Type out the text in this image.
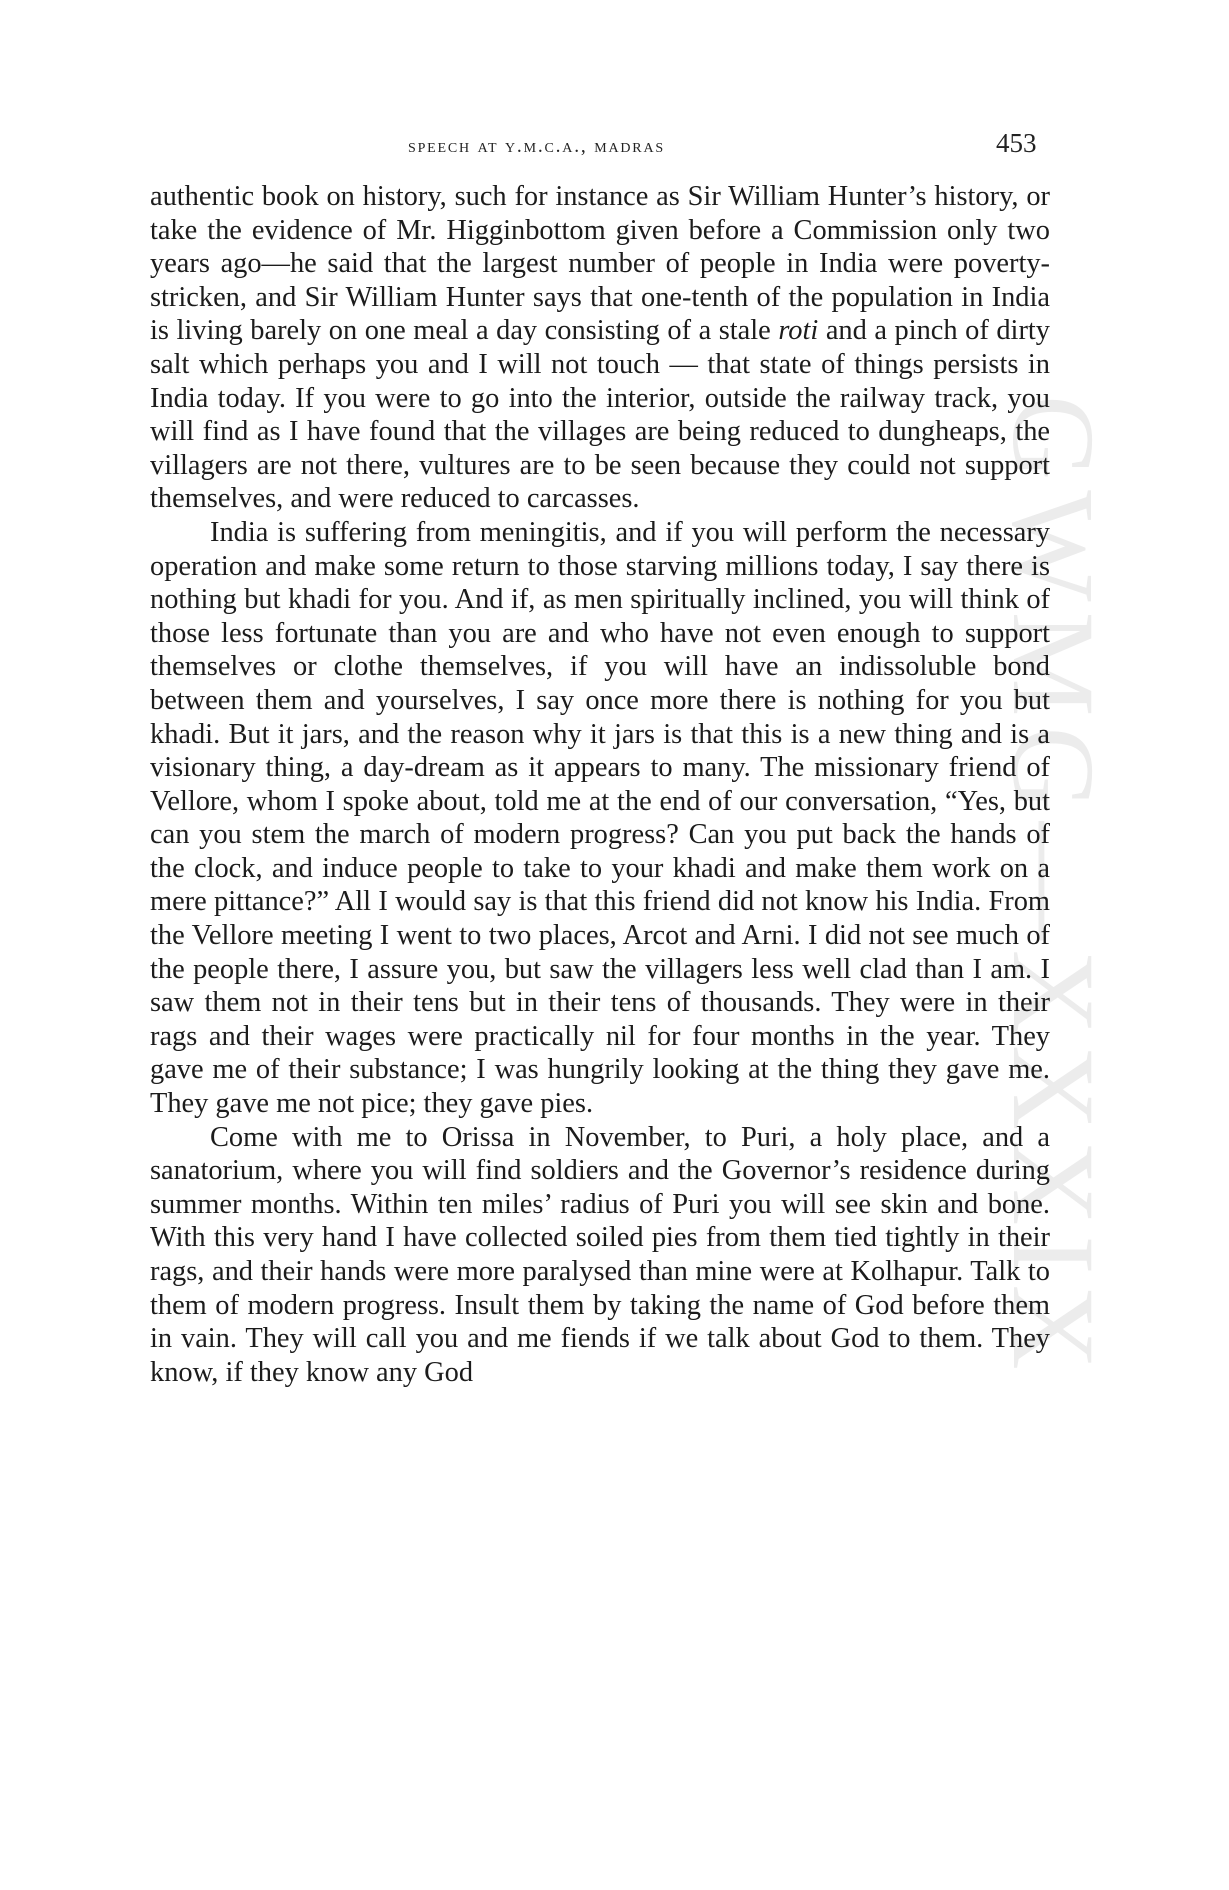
GWMG—XXXIX
speech at y.m.c.a., madras	453

authentic book on history, such for instance as Sir William Hunter’s history, or take the evidence of Mr. Higginbottom given before a Commission only two years ago—he said that the largest number of people in India were poverty-stricken, and Sir William Hunter says that one-tenth of the population in India is living barely on one meal a day consisting of a stale roti and a pinch of dirty salt which perhaps you and I will not touch — that state of things persists in India today. If you were to go into the interior, outside the railway track, you will find as I have found that the villages are being reduced to dungheaps, the villagers are not there, vultures are to be seen because they could not support themselves, and were reduced to carcasses.

India is suffering from meningitis, and if you will perform the necessary operation and make some return to those starving millions today, I say there is nothing but khadi for you. And if, as men spiritually inclined, you will think of those less fortunate than you are and who have not even enough to support themselves or clothe themselves, if you will have an indissoluble bond between them and yourselves, I say once more there is nothing for you but khadi. But it jars, and the reason why it jars is that this is a new thing and is a visionary thing, a day-dream as it appears to many. The missionary friend of Vellore, whom I spoke about, told me at the end of our conversation, “Yes, but can you stem the march of modern progress? Can you put back the hands of the clock, and induce people to take to your khadi and make them work on a mere pittance?” All I would say is that this friend did not know his India. From the Vellore meeting I went to two places, Arcot and Arni. I did not see much of the people there, I assure you, but saw the villagers less well clad than I am. I saw them not in their tens but in their tens of thousands. They were in their rags and their wages were practically nil for four months in the year. They gave me of their substance; I was hungrily looking at the thing they gave me. They gave me not pice; they gave pies.

Come with me to Orissa in November, to Puri, a holy place, and a sanatorium, where you will find soldiers and the Governor’s residence during summer months. Within ten miles’ radius of Puri you will see skin and bone. With this very hand I have collected soiled pies from them tied tightly in their rags, and their hands were more paralysed than mine were at Kolhapur. Talk to them of modern progress. Insult them by taking the name of God before them in vain. They will call you and me fiends if we talk about God to them. They know, if they know any God
